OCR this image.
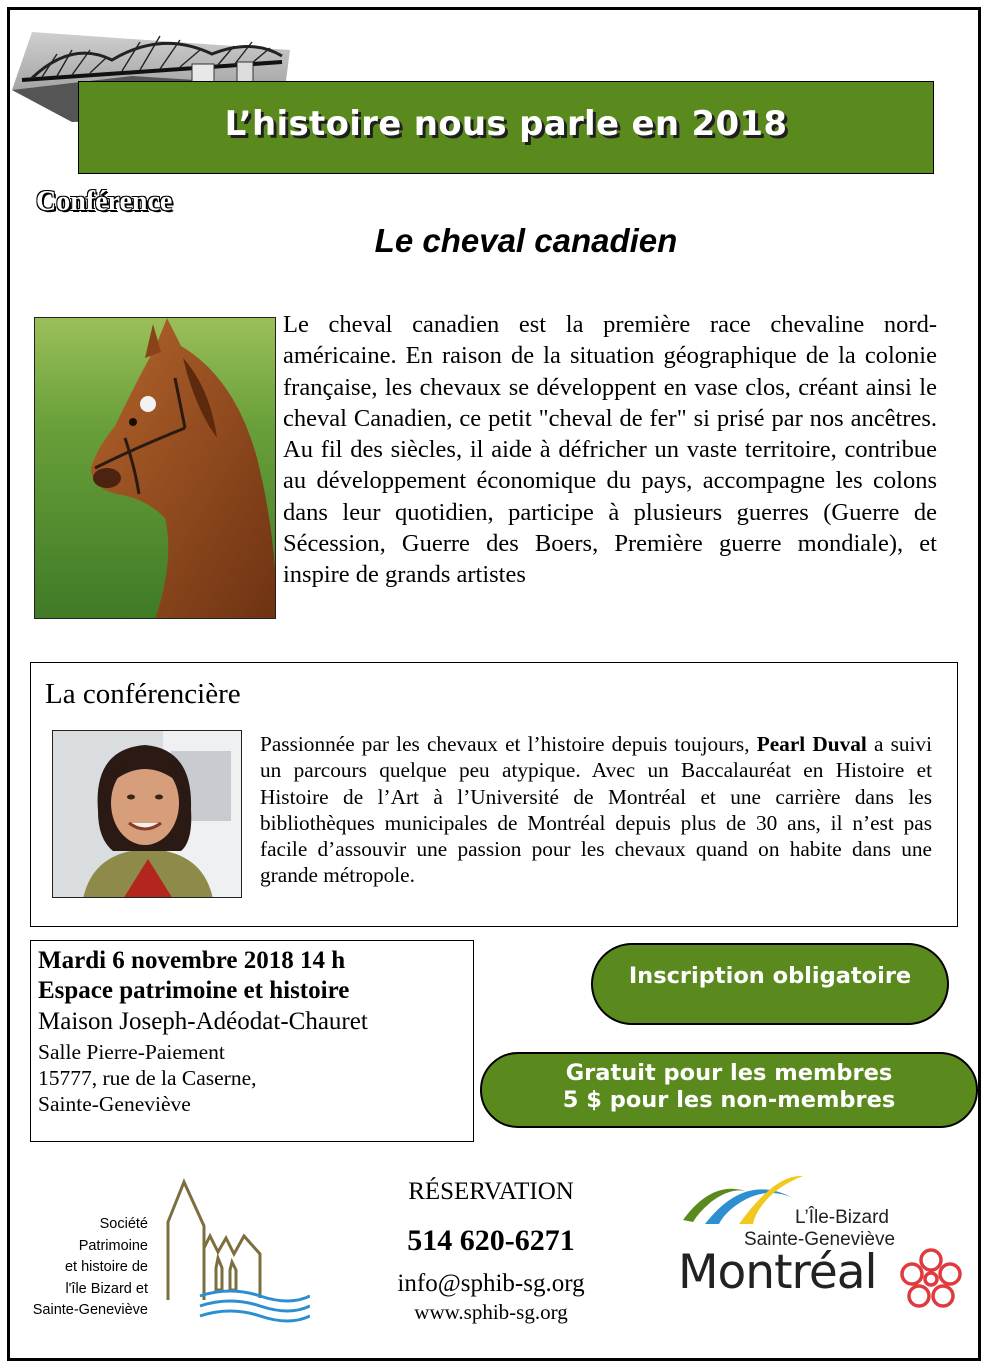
L’histoire nous parle en 2018
Conférence
Le cheval canadien
Le cheval canadien est la première race chevaline nord-américaine. En raison de la situation géographique de la colonie française, les chevaux se développent en vase clos, créant ainsi le cheval Canadien, ce petit "cheval de fer" si prisé par nos ancêtres. Au fil des siècles, il aide à défricher un vaste territoire, contribue au développement économique du pays, accompagne les colons dans leur quotidien, participe à plusieurs guerres (Guerre de Sécession, Guerre des Boers, Première guerre mondiale), et inspire de grands artistes
La conférencière
Passionnée par les chevaux et l’histoire depuis toujours, Pearl Duval a suivi un parcours quelque peu atypique. Avec un Baccalauréat en Histoire et Histoire de l’Art à l’Université de Montréal et une carrière dans les bibliothèques municipales de Montréal depuis plus de 30 ans, il n’est pas facile d’assouvir une passion pour les chevaux quand on habite dans une grande métropole.
Mardi 6 novembre 2018 14 h
Espace patrimoine et histoire
Maison Joseph-Adéodat-Chauret
Salle Pierre-Paiement
15777, rue de la Caserne,
Sainte-Geneviève
Inscription obligatoire
Gratuit pour les membres
5 $ pour les non-membres
Société
Patrimoine
et histoire de
l'île Bizard et
Sainte-Geneviève
RÉSERVATION
514 620-6271
info@sphib-sg.org
www.sphib-sg.org
L’Île-Bizard
Sainte-Geneviève
Montréal
